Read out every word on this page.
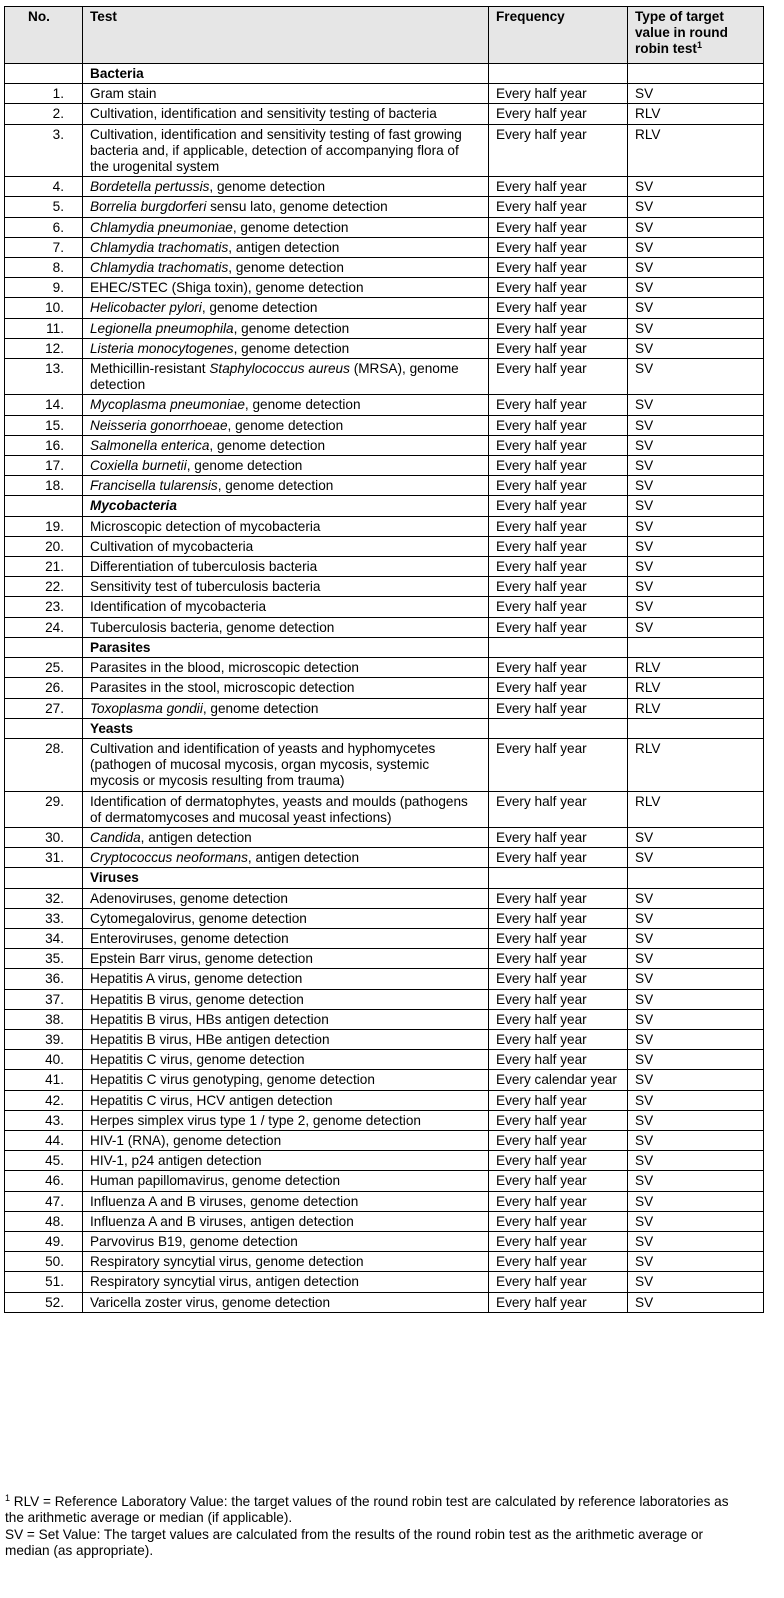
No.	Test	Frequency	Type of target value in round robin test$^1$
	Bacteria		
1.	Gram stain	Every half year	SV
2.	Cultivation, identification and sensitivity testing of bacteria	Every half year	RLV
3.	Cultivation, identification and sensitivity testing of fast growing bacteria and, if applicable, detection of accompanying flora of the urogenital system	Every half year	RLV
4.	Bordetella pertussis, genome detection	Every half year	SV
5.	Borrelia burgdorferi sensu lato, genome detection	Every half year	SV
6.	Chlamydia pneumoniae, genome detection	Every half year	SV
7.	Chlamydia trachomatis, antigen detection	Every half year	SV
8.	Chlamydia trachomatis, genome detection	Every half year	SV
9.	EHEC/STEC (Shiga toxin), genome detection	Every half year	SV
10.	Helicobacter pylori, genome detection	Every half year	SV
11.	Legionella pneumophila, genome detection	Every half year	SV
12.	Listeria monocytogenes, genome detection	Every half year	SV
13.	Methicillin-resistant Staphylococcus aureus (MRSA), genome detection	Every half year	SV
14.	Mycoplasma pneumoniae, genome detection	Every half year	SV
15.	Neisseria gonorrhoeae, genome detection	Every half year	SV
16.	Salmonella enterica, genome detection	Every half year	SV
17.	Coxiella burnetii, genome detection	Every half year	SV
18.	Francisella tularensis, genome detection	Every half year	SV
	Mycobacteria	Every half year	SV
19.	Microscopic detection of mycobacteria	Every half year	SV
20.	Cultivation of mycobacteria	Every half year	SV
21.	Differentiation of tuberculosis bacteria	Every half year	SV
22.	Sensitivity test of tuberculosis bacteria	Every half year	SV
23.	Identification of mycobacteria	Every half year	SV
24.	Tuberculosis bacteria, genome detection	Every half year	SV
	Parasites		
25.	Parasites in the blood, microscopic detection	Every half year	RLV
26.	Parasites in the stool, microscopic detection	Every half year	RLV
27.	Toxoplasma gondii, genome detection	Every half year	RLV
	Yeasts		
28.	Cultivation and identification of yeasts and hyphomycetes (pathogen of mucosal mycosis, organ mycosis, systemic mycosis or mycosis resulting from trauma)	Every half year	RLV
29.	Identification of dermatophytes, yeasts and moulds (pathogens of dermatomycoses and mucosal yeast infections)	Every half year	RLV
30.	Candida, antigen detection	Every half year	SV
31.	Cryptococcus neoformans, antigen detection	Every half year	SV
	Viruses		
32.	Adenoviruses, genome detection	Every half year	SV
33.	Cytomegalovirus, genome detection	Every half year	SV
34.	Enteroviruses, genome detection	Every half year	SV
35.	Epstein Barr virus, genome detection	Every half year	SV
36.	Hepatitis A virus, genome detection	Every half year	SV
37.	Hepatitis B virus, genome detection	Every half year	SV
38.	Hepatitis B virus, HBs antigen detection	Every half year	SV
39.	Hepatitis B virus, HBe antigen detection	Every half year	SV
40.	Hepatitis C virus, genome detection	Every half year	SV
41.	Hepatitis C virus genotyping, genome detection	Every calendar year	SV
42.	Hepatitis C virus, HCV antigen detection	Every half year	SV
43.	Herpes simplex virus type 1 / type 2, genome detection	Every half year	SV
44.	HIV-1 (RNA), genome detection	Every half year	SV
45.	HIV-1, p24 antigen detection	Every half year	SV
46.	Human papillomavirus, genome detection	Every half year	SV
47.	Influenza A and B viruses, genome detection	Every half year	SV
48.	Influenza A and B viruses, antigen detection	Every half year	SV
49.	Parvovirus B19, genome detection	Every half year	SV
50.	Respiratory syncytial virus, genome detection	Every half year	SV
51.	Respiratory syncytial virus, antigen detection	Every half year	SV
52.	Varicella zoster virus, genome detection	Every half year	SV

$^1$ RLV = Reference Laboratory Value: the target values of the round robin test are calculated by reference laboratories as the arithmetic average or median (if applicable).

SV = Set Value: The target values are calculated from the results of the round robin test as the arithmetic average or median (as appropriate).
